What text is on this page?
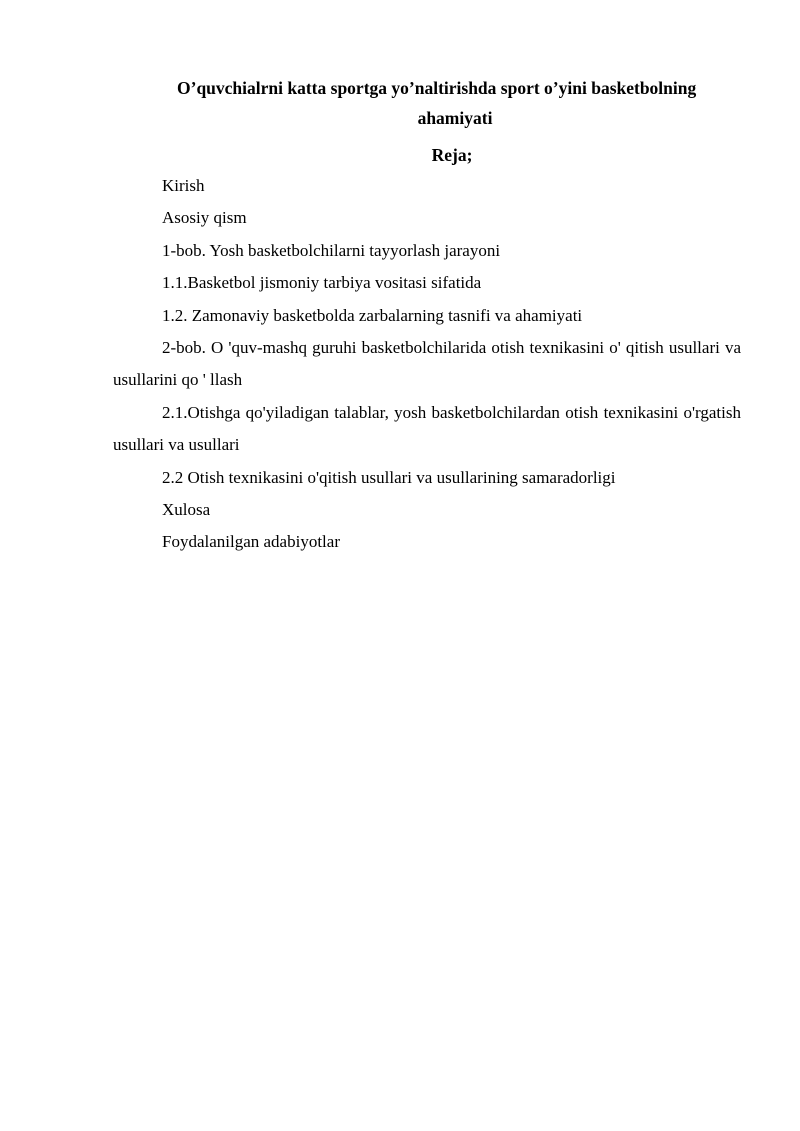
O’quvchialrni katta sportga yo’naltirishda sport o’yini basketbolning
ahamiyati
Reja;
Kirish
Asosiy qism
1-bob. Yosh basketbolchilarni tayyorlash jarayoni
1.1.Basketbol jismoniy tarbiya vositasi sifatida
1.2. Zamonaviy basketbolda zarbalarning tasnifi va ahamiyati
2-bob. O 'quv-mashq guruhi basketbolchilarida otish texnikasini o' qitish usullari va usullarini qo ' llash
2.1.Otishga qo'yiladigan talablar, yosh basketbolchilardan otish texnikasini o'rgatish usullari va usullari
2.2 Otish texnikasini o'qitish usullari va usullarining samaradorligi
Xulosa
Foydalanilgan adabiyotlar
